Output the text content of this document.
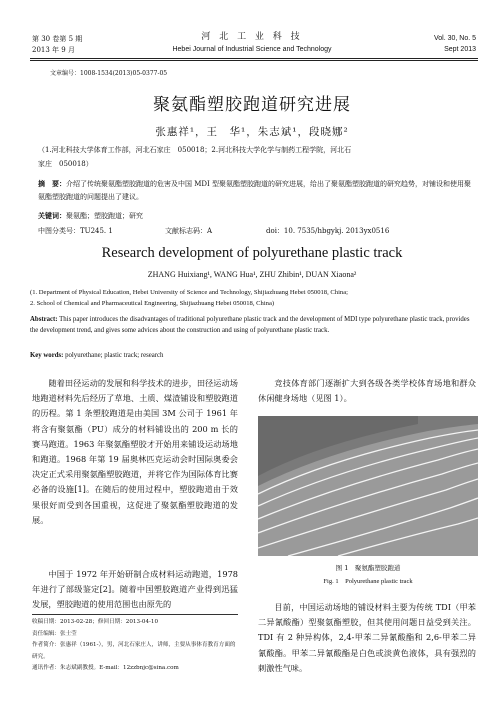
第 30 卷第 5 期
2013 年 9 月
河 北 工 业 科 技
Hebei Journal of Industrial Science and Technology
Vol. 30, No. 5
Sept 2013
文章编号：1008-1534(2013)05-0377-05
聚氨酯塑胶跑道研究进展
张惠祥¹，王　华¹，朱志斌¹，段晓娜²
（1.河北科技大学体育工作部，河北石家庄　050018；2.河北科技大学化学与制药工程学院，河北石
家庄　050018）
摘　要：介绍了传统聚氨酯塑胶跑道的危害及中国 MDI 型聚氨酯塑胶跑道的研究进展，给出了聚氨酯塑胶跑道的研究趋势，对铺设和使用聚氨酯塑胶跑道的问题提出了建议。
关键词：聚氨酯；塑胶跑道；研究
中图分类号：TU245. 1	文献标志码：A	doi：10. 7535/hbgykj. 2013yx0516
Research development of polyurethane plastic track
ZHANG Huixiang¹, WANG Hua¹, ZHU Zhibin¹, DUAN Xiaona²
(1. Department of Physical Education, Hebei University of Science and Technology, Shijiazhuang Hebei 050018, China;
2. School of Chemical and Pharmaceutical Engineering, Shijiazhuang Hebei 050018, China)
Abstract: This paper introduces the disadvantages of traditional polyurethane plastic track and the development of MDI type polyurethane plastic track, provides the development trend, and gives some advices about the construction and using of polyurethane plastic track.
Key words: polyurethane; plastic track; research
随着田径运动的发展和科学技术的进步，田径运动场地跑道材料先后经历了草地、土质、煤渣铺设和塑胶跑道的历程。第 1 条塑胶跑道是由美国 3M 公司于 1961 年将含有聚氨酯（PU）成分的材料铺设出的 200 m 长的赛马跑道。1963 年聚氨酯塑胶才开始用来铺设运动场地和跑道。1968 年第 19 届奥林匹克运动会时国际奥委会决定正式采用聚氨酯塑胶跑道，并将它作为国际体育比赛必备的设施[1]。在随后的使用过程中，塑胶跑道由于效果很好而受到各国重视，这促进了聚氨酯塑胶跑道的发展。
中国于 1972 年开始研制合成材料运动跑道，1978 年进行了部级鉴定[2]。随着中国塑胶跑道产业得到迅猛发展，塑胶跑道的使用范围也由原先的
收稿日期：2013-02-28；修回日期：2013-04-10
责任编辑：张士莹
作者简介：张惠祥（1961-），男，河北石家庄人，讲师，主要从事体育教育方面的研究。
通讯作者：朱志斌副教授。E-mail：12zzbnjc@sina.com
竞技体育部门逐渐扩大到各级各类学校体育场地和群众休闲健身场地（见图 1）。
图 1　聚氨酯塑胶跑道
Fig. 1　Polyurethane plastic track
目前，中国运动场地的铺设材料主要为传统 TDI（甲苯二异氰酸酯）型聚氨酯塑胶，但其使用问题日益受到关注。TDI 有 2 种异构体，2,4-甲苯二异氰酸酯和 2,6-甲苯二异氰酸酯。甲苯二异氰酸酯是白色或淡黄色液体，具有强烈的刺激性气味。
